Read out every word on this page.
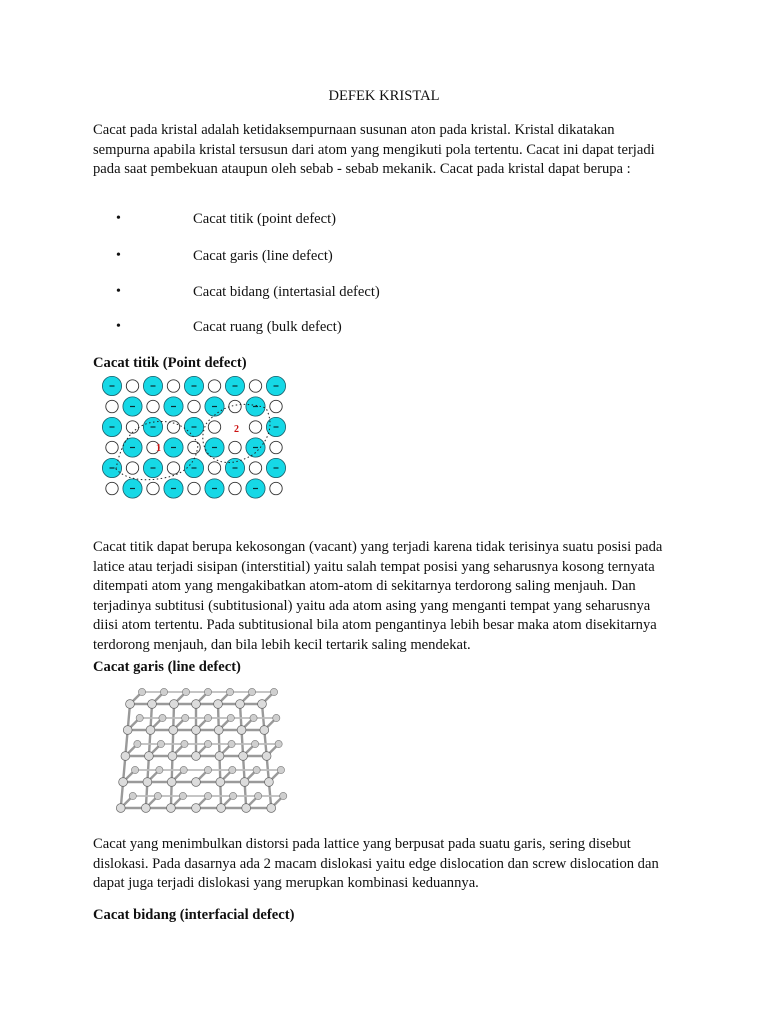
DEFEK KRISTAL

Cacat pada kristal adalah ketidaksempurnaan susunan aton pada kristal. Kristal dikatakan sempurna apabila kristal tersusun dari atom yang mengikuti pola tertentu. Cacat ini dapat terjadi pada saat pembekuan ataupun oleh sebab - sebab mekanik. Cacat pada kristal dapat berupa :

•	Cacat titik (point defect)
•	Cacat garis (line defect)
•	Cacat bidang (intertasial defect)
•	Cacat ruang (bulk defect)
Cacat titik (Point defect)
1
2

Cacat titik dapat berupa kekosongan (vacant) yang terjadi karena tidak terisinya suatu posisi pada latice atau terjadi sisipan (interstitial) yaitu salah tempat posisi yang seharusnya kosong ternyata ditempati atom yang mengakibatkan atom-atom di sekitarnya terdorong saling menjauh. Dan terjadinya subtitusi (subtitusional) yaitu ada atom asing yang menganti tempat yang seharusnya diisi atom tertentu. Pada subtitusional bila atom pengantinya lebih besar maka atom disekitarnya terdorong menjauh, dan bila lebih kecil tertarik saling mendekat.

Cacat garis (line defect)

Cacat yang menimbulkan distorsi pada lattice yang berpusat pada suatu garis, sering disebut dislokasi. Pada dasarnya ada 2 macam dislokasi yaitu edge dislocation dan screw dislocation dan dapat juga terjadi dislokasi yang merupkan kombinasi keduannya.

Cacat bidang (interfacial defect)
